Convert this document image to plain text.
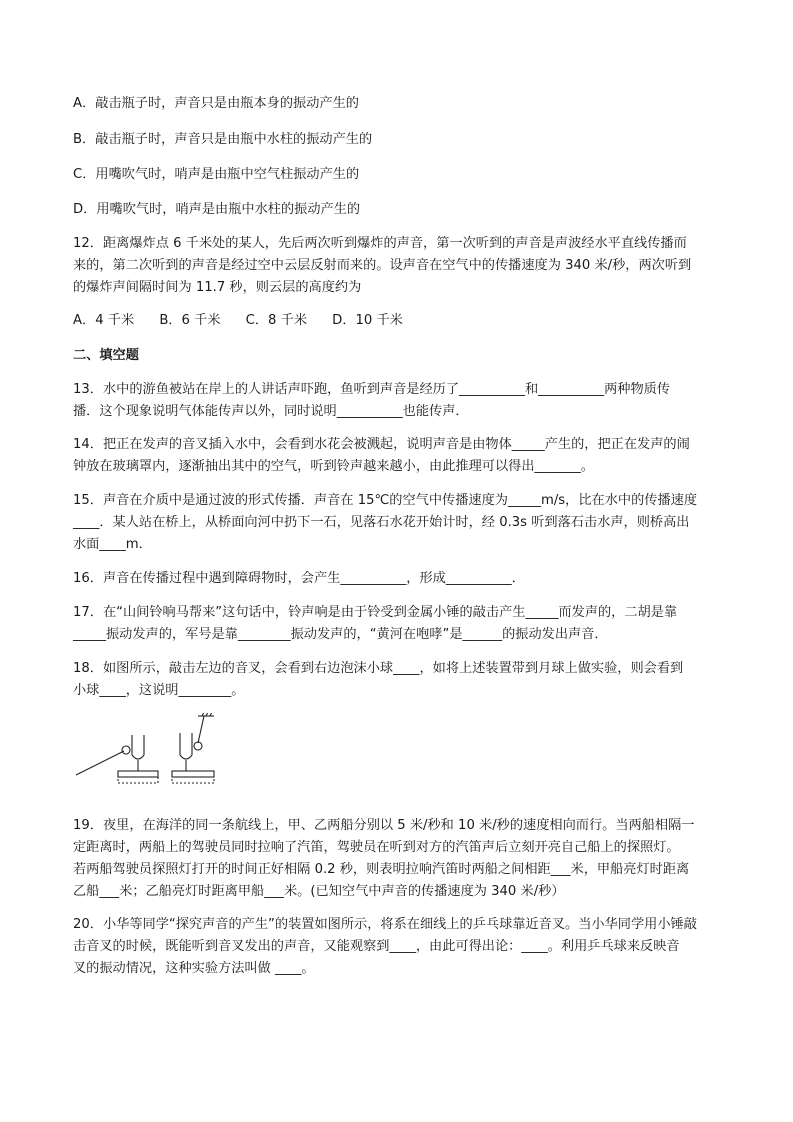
A．敲击瓶子时，声音只是由瓶本身的振动产生的
B．敲击瓶子时，声音只是由瓶中水柱的振动产生的
C．用嘴吹气时，哨声是由瓶中空气柱振动产生的
D．用嘴吹气时，哨声是由瓶中水柱的振动产生的
12．距离爆炸点 6 千米处的某人，先后两次听到爆炸的声音，第一次听到的声音是声波经水平直线传播而
来的，第二次听到的声音是经过空中云层反射而来的。设声音在空气中的传播速度为 340 米/秒，两次听到
的爆炸声间隔时间为 11.7 秒，则云层的高度约为
A．4 千米      B．6 千米      C．8 千米      D．10 千米
二、填空题
13．水中的游鱼被站在岸上的人讲话声吓跑，鱼听到声音是经历了__________和__________两种物质传
播．这个现象说明气体能传声以外，同时说明__________也能传声．
14．把正在发声的音叉插入水中，会看到水花会被溅起，说明声音是由物体_____产生的，把正在发声的闹
钟放在玻璃罩内，逐渐抽出其中的空气，听到铃声越来越小，由此推理可以得出_______。
15．声音在介质中是通过波的形式传播．声音在 15℃的空气中传播速度为_____m/s，比在水中的传播速度
____．某人站在桥上，从桥面向河中扔下一石，见落石水花开始计时，经 0.3s 听到落石击水声，则桥高出
水面____m．
16．声音在传播过程中遇到障碍物时，会产生__________，形成__________．
17．在“山间铃响马帮来”这句话中，铃声响是由于铃受到金属小锤的敲击产生_____而发声的，二胡是靠
_____振动发声的，军号是靠________振动发声的，“黄河在咆哮”是______的振动发出声音．
18．如图所示，敲击左边的音叉，会看到右边泡沫小球____，如将上述装置带到月球上做实验，则会看到
小球____，这说明________。
19．夜里，在海洋的同一条航线上，甲、乙两船分别以 5 米/秒和 10 米/秒的速度相向而行。当两船相隔一
定距离时，两船上的驾驶员同时拉响了汽笛，驾驶员在听到对方的汽笛声后立刻开亮自己船上的探照灯。
若两船驾驶员探照灯打开的时间正好相隔 0.2 秒，则表明拉响汽笛时两船之间相距___米，甲船亮灯时距离
乙船___米；乙船亮灯时距离甲船___米。(已知空气中声音的传播速度为 340 米/秒）
20．小华等同学“探究声音的产生”的装置如图所示，将系在细线上的乒乓球靠近音叉。当小华同学用小锤敲
击音叉的时候，既能听到音叉发出的声音，又能观察到____，由此可得出论：____。利用乒乓球来反映音
叉的振动情况，这种实验方法叫做 ____。
